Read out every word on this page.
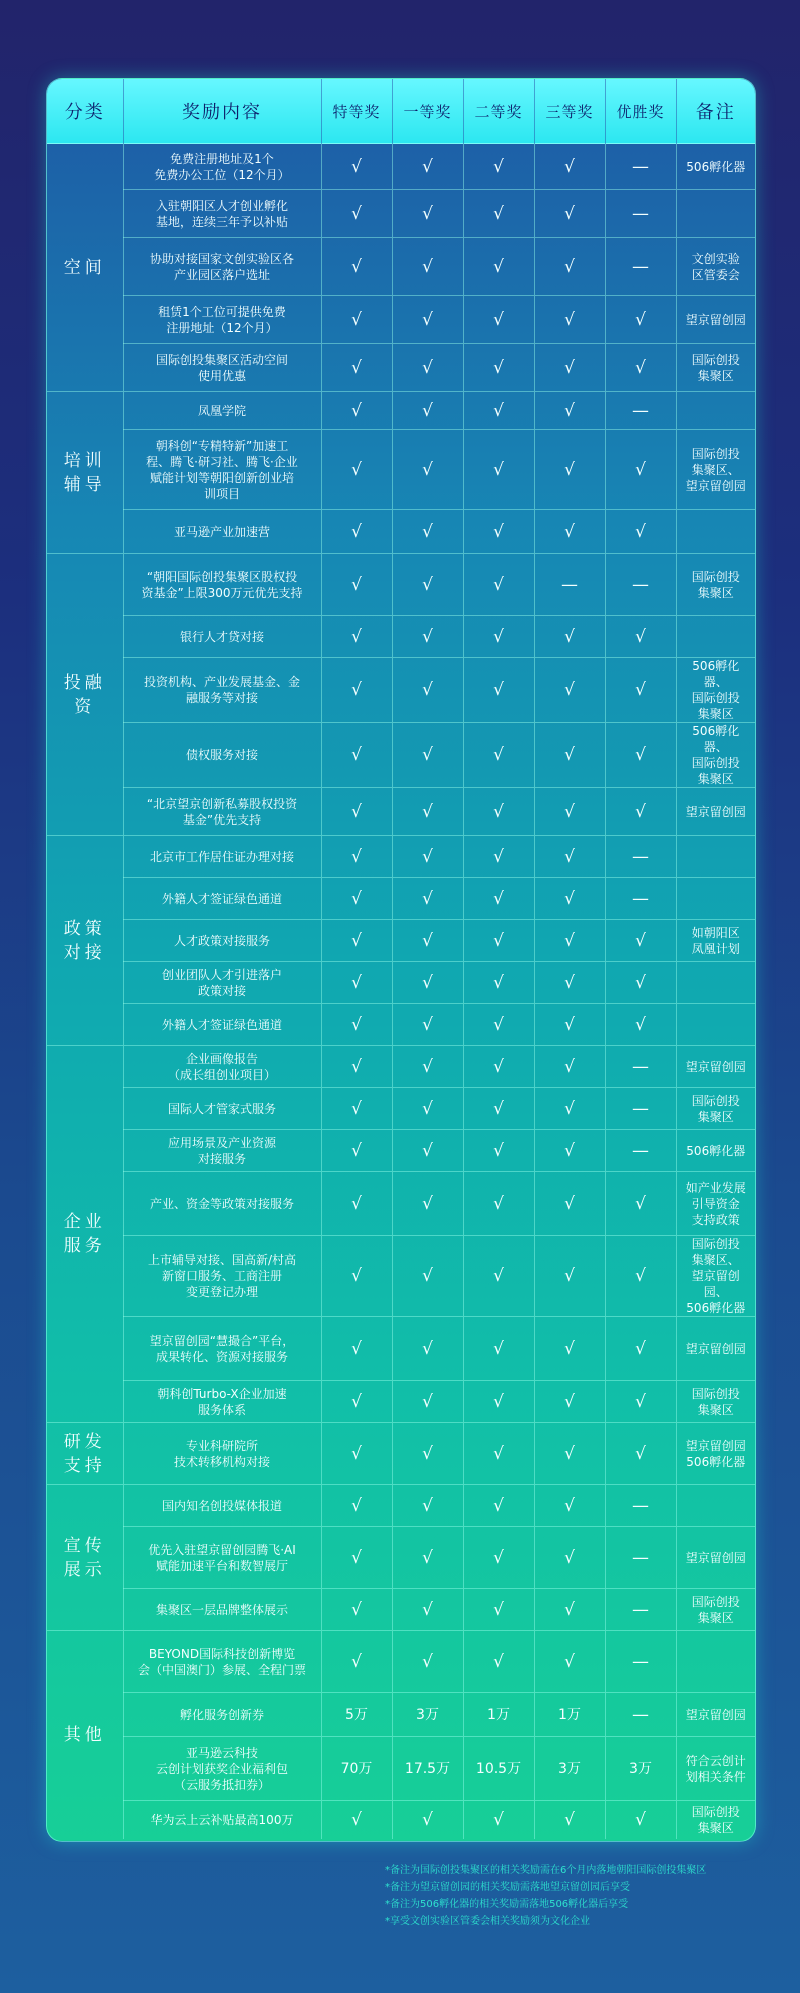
分类	奖励内容	特等奖	一等奖	二等奖	三等奖	优胜奖	备注
空间	免费注册地址及1个
免费办公工位（12个月）	√	√	√	√	—	506孵化器
	入驻朝阳区人才创业孵化
基地，连续三年予以补贴	√	√	√	√	—	
	协助对接国家文创实验区各
产业园区落户选址	√	√	√	√	—	文创实验
区管委会
	租赁1个工位可提供免费
注册地址（12个月）	√	√	√	√	√	望京留创园
	国际创投集聚区活动空间
使用优惠	√	√	√	√	√	国际创投
集聚区
培训
辅导	凤凰学院	√	√	√	√	—	
	朝科创“专精特新”加速工
程、腾飞·研习社、腾飞·企业
赋能计划等朝阳创新创业培
训项目	√	√	√	√	√	国际创投
集聚区、
望京留创园
	亚马逊产业加速营	√	√	√	√	√	
投融资	“朝阳国际创投集聚区股权投
资基金”上限300万元优先支持	√	√	√	—	—	国际创投
集聚区
	银行人才贷对接	√	√	√	√	√	
	投资机构、产业发展基金、金
融服务等对接	√	√	√	√	√	506孵化器、
国际创投
集聚区
	债权服务对接	√	√	√	√	√	506孵化器、
国际创投
集聚区
	“北京望京创新私募股权投资
基金”优先支持	√	√	√	√	√	望京留创园
政策
对接	北京市工作居住证办理对接	√	√	√	√	—	
	外籍人才签证绿色通道	√	√	√	√	—	
	人才政策对接服务	√	√	√	√	√	如朝阳区
凤凰计划
	创业团队人才引进落户
政策对接	√	√	√	√	√	
	外籍人才签证绿色通道	√	√	√	√	√	
企业
服务	企业画像报告
（成长组创业项目）	√	√	√	√	—	望京留创园
	国际人才管家式服务	√	√	√	√	—	国际创投
集聚区
	应用场景及产业资源
对接服务	√	√	√	√	—	506孵化器
	产业、资金等政策对接服务	√	√	√	√	√	如产业发展
引导资金
支持政策
	上市辅导对接、国高新/村高
新窗口服务、工商注册
变更登记办理	√	√	√	√	√	国际创投
集聚区、
望京留创园、
506孵化器
	望京留创园“慧撮合”平台，
成果转化、资源对接服务	√	√	√	√	√	望京留创园
	朝科创Turbo-X企业加速
服务体系	√	√	√	√	√	国际创投
集聚区
研发
支持	专业科研院所
技术转移机构对接	√	√	√	√	√	望京留创园
506孵化器
宣传
展示	国内知名创投媒体报道	√	√	√	√	—	
	优先入驻望京留创园腾飞·AI
赋能加速平台和数智展厅	√	√	√	√	—	望京留创园
	集聚区一层品牌整体展示	√	√	√	√	—	国际创投
集聚区
其他	BEYOND国际科技创新博览
会（中国澳门）参展、全程门票	√	√	√	√	—	
	孵化服务创新券	5万	3万	1万	1万	—	望京留创园
	亚马逊云科技
云创计划获奖企业福利包
（云服务抵扣券）	70万	17.5万	10.5万	3万	3万	符合云创计
划相关条件
	华为云上云补贴最高100万	√	√	√	√	√	国际创投
集聚区
*备注为国际创投集聚区的相关奖励需在6个月内落地朝阳国际创投集聚区
*备注为望京留创园的相关奖励需落地望京留创园后享受
*备注为506孵化器的相关奖励需落地506孵化器后享受
*享受文创实验区管委会相关奖励须为文化企业
